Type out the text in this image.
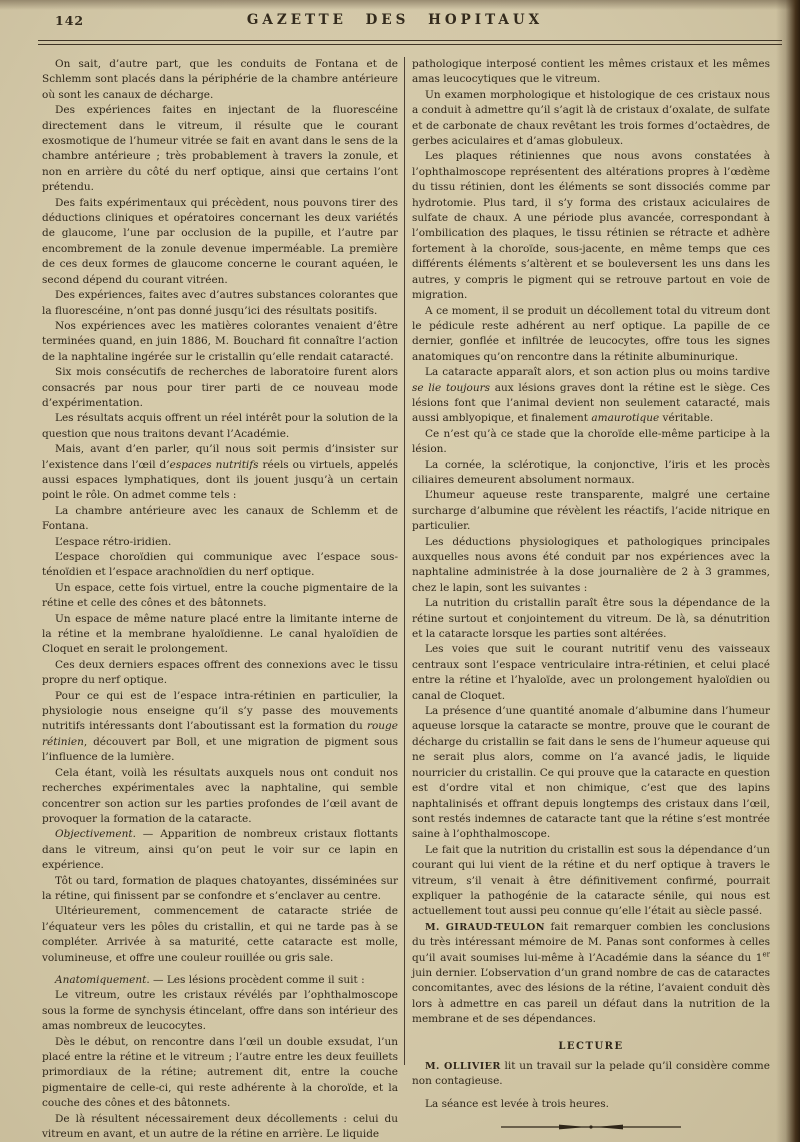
142	GAZETTE DES HOPITAUX

On sait, d’autre part, que les conduits de Fontana et de Schlemm sont placés dans la périphérie de la chambre antérieure où sont les canaux de décharge.

Des expériences faites en injectant de la fluorescéine directement dans le vitreum, il résulte que le courant exosmotique de l’humeur vitrée se fait en avant dans le sens de la chambre antérieure ; très probablement à travers la zonule, et non en arrière du côté du nerf optique, ainsi que certains l’ont prétendu.

Des faits expérimentaux qui précèdent, nous pouvons tirer des déductions cliniques et opératoires concernant les deux variétés de glaucome, l’une par occlusion de la pupille, et l’autre par encombrement de la zonule devenue imperméable. La première de ces deux formes de glaucome concerne le courant aquéen, le second dépend du courant vitréen.

Des expériences, faites avec d’autres substances colorantes que la fluorescéine, n’ont pas donné jusqu’ici des résultats positifs.

Nos expériences avec les matières colorantes venaient d’être terminées quand, en juin 1886, M. Bouchard fit connaître l’action de la naphtaline ingérée sur le cristallin qu’elle rendait cataracté.

Six mois consécutifs de recherches de laboratoire furent alors consacrés par nous pour tirer parti de ce nouveau mode d’expérimentation.

Les résultats acquis offrent un réel intérêt pour la solution de la question que nous traitons devant l’Académie.

Mais, avant d’en parler, qu’il nous soit permis d’insister sur l’existence dans l’œil d’espaces nutritifs réels ou virtuels, appelés aussi espaces lymphatiques, dont ils jouent jusqu’à un certain point le rôle. On admet comme tels :

La chambre antérieure avec les canaux de Schlemm et de Fontana.

L’espace rétro-iridien.

L’espace choroïdien qui communique avec l’espace sous-ténoïdien et l’espace arachnoïdien du nerf optique.

Un espace, cette fois virtuel, entre la couche pigmentaire de la rétine et celle des cônes et des bâtonnets.

Un espace de même nature placé entre la limitante interne de la rétine et la membrane hyaloïdienne. Le canal hyaloïdien de Cloquet en serait le prolongement.

Ces deux derniers espaces offrent des connexions avec le tissu propre du nerf optique.

Pour ce qui est de l’espace intra-rétinien en particulier, la physiologie nous enseigne qu’il s’y passe des mouvements nutritifs intéressants dont l’aboutissant est la formation du rouge rétinien, découvert par Boll, et une migration de pigment sous l’influence de la lumière.

Cela étant, voilà les résultats auxquels nous ont conduit nos recherches expérimentales avec la naphtaline, qui semble concentrer son action sur les parties profondes de l’œil avant de provoquer la formation de la cataracte.

Objectivement. — Apparition de nombreux cristaux flottants dans le vitreum, ainsi qu’on peut le voir sur ce lapin en expérience.

Tôt ou tard, formation de plaques chatoyantes, disséminées sur la rétine, qui finissent par se confondre et s’enclaver au centre.

Ultérieurement, commencement de cataracte striée de l’équateur vers les pôles du cristallin, et qui ne tarde pas à se compléter. Arrivée à sa maturité, cette cataracte est molle, volumineuse, et offre une couleur rouillée ou gris sale.

Anatomiquement. — Les lésions procèdent comme il suit :

Le vitreum, outre les cristaux révélés par l’ophthalmoscope sous la forme de synchysis étincelant, offre dans son intérieur des amas nombreux de leucocytes.

Dès le début, on rencontre dans l’œil un double exsudat, l’un placé entre la rétine et le vitreum ; l’autre entre les deux feuillets primordiaux de la rétine; autrement dit, entre la couche pigmentaire de celle-ci, qui reste adhérente à la choroïde, et la couche des cônes et des bâtonnets.

De là résultent nécessairement deux décollements : celui du vitreum en avant, et un autre de la rétine en arrière. Le liquide

pathologique interposé contient les mêmes cristaux et les mêmes amas leucocytiques que le vitreum.

Un examen morphologique et histologique de ces cristaux nous a conduit à admettre qu’il s’agit là de cristaux d’oxalate, de sulfate et de carbonate de chaux revêtant les trois formes d’octaèdres, de gerbes aciculaires et d’amas globuleux.

Les plaques rétiniennes que nous avons constatées à l’ophthalmoscope représentent des altérations propres à l’œdème du tissu rétinien, dont les éléments se sont dissociés comme par hydrotomie. Plus tard, il s’y forma des cristaux aciculaires de sulfate de chaux. A une période plus avancée, correspondant à l’ombilication des plaques, le tissu rétinien se rétracte et adhère fortement à la choroïde, sous-jacente, en même temps que ces différents éléments s’altèrent et se bouleversent les uns dans les autres, y compris le pigment qui se retrouve partout en voie de migration.

A ce moment, il se produit un décollement total du vitreum dont le pédicule reste adhérent au nerf optique. La papille de ce dernier, gonflée et infiltrée de leucocytes, offre tous les signes anatomiques qu’on rencontre dans la rétinite albuminurique.

La cataracte apparaît alors, et son action plus ou moins tardive se lie toujours aux lésions graves dont la rétine est le siège. Ces lésions font que l’animal devient non seulement cataracté, mais aussi amblyopique, et finalement amaurotique véritable.

Ce n’est qu’à ce stade que la choroïde elle-même participe à la lésion.

La cornée, la sclérotique, la conjonctive, l’iris et les procès ciliaires demeurent absolument normaux.

L’humeur aqueuse reste transparente, malgré une certaine surcharge d’albumine que révèlent les réactifs, l’acide nitrique en particulier.

Les déductions physiologiques et pathologiques principales auxquelles nous avons été conduit par nos expériences avec la naphtaline administrée à la dose journalière de 2 à 3 grammes, chez le lapin, sont les suivantes :

La nutrition du cristallin paraît être sous la dépendance de la rétine surtout et conjointement du vitreum. De là, sa dénutrition et la cataracte lorsque les parties sont altérées.

Les voies que suit le courant nutritif venu des vaisseaux centraux sont l’espace ventriculaire intra-rétinien, et celui placé entre la rétine et l’hyaloïde, avec un prolongement hyaloïdien ou canal de Cloquet.

La présence d’une quantité anomale d’albumine dans l’humeur aqueuse lorsque la cataracte se montre, prouve que le courant de décharge du cristallin se fait dans le sens de l’humeur aqueuse qui ne serait plus alors, comme on l’a avancé jadis, le liquide nourricier du cristallin. Ce qui prouve que la cataracte en question est d’ordre vital et non chimique, c’est que des lapins naphtalinisés et offrant depuis longtemps des cristaux dans l’œil, sont restés indemnes de cataracte tant que la rétine s’est montrée saine à l’ophthalmoscope.

Le fait que la nutrition du cristallin est sous la dépendance d’un courant qui lui vient de la rétine et du nerf optique à travers le vitreum, s’il venait à être définitivement confirmé, pourrait expliquer la pathogénie de la cataracte sénile, qui nous est actuellement tout aussi peu connue qu’elle l’était au siècle passé.

M. GIRAUD-TEULON fait remarquer combien les conclusions du très intéressant mémoire de M. Panas sont conformes à celles qu’il avait soumises lui-même à l’Académie dans la séance du 1er juin dernier. L’observation d’un grand nombre de cas de cataractes concomitantes, avec des lésions de la rétine, l’avaient conduit dès lors à admettre en cas pareil un défaut dans la nutrition de la membrane et de ses dépendances.

LECTURE

M. OLLIVIER lit un travail sur la pelade qu’il considère comme non contagieuse.

La séance est levée à trois heures.
